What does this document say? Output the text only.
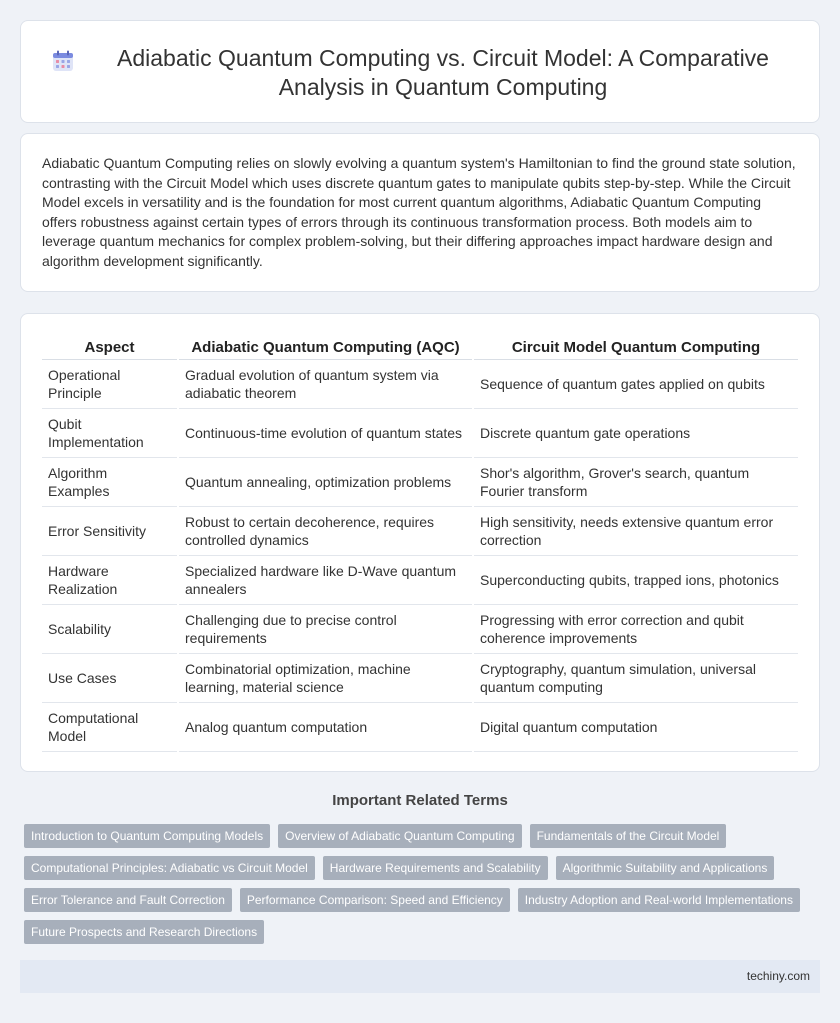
Adiabatic Quantum Computing vs. Circuit Model: A Comparative Analysis in Quantum Computing

Adiabatic Quantum Computing relies on slowly evolving a quantum system's Hamiltonian to find the ground state solution, contrasting with the Circuit Model which uses discrete quantum gates to manipulate qubits step-by-step. While the Circuit Model excels in versatility and is the foundation for most current quantum algorithms, Adiabatic Quantum Computing offers robustness against certain types of errors through its continuous transformation process. Both models aim to leverage quantum mechanics for complex problem-solving, but their differing approaches impact hardware design and algorithm development significantly.

Aspect	Adiabatic Quantum Computing (AQC)	Circuit Model Quantum Computing
Operational Principle	Gradual evolution of quantum system via adiabatic theorem	Sequence of quantum gates applied on qubits
Qubit Implementation	Continuous-time evolution of quantum states	Discrete quantum gate operations
Algorithm Examples	Quantum annealing, optimization problems	Shor's algorithm, Grover's search, quantum Fourier transform
Error Sensitivity	Robust to certain decoherence, requires controlled dynamics	High sensitivity, needs extensive quantum error correction
Hardware Realization	Specialized hardware like D-Wave quantum annealers	Superconducting qubits, trapped ions, photonics
Scalability	Challenging due to precise control requirements	Progressing with error correction and qubit coherence improvements
Use Cases	Combinatorial optimization, machine learning, material science	Cryptography, quantum simulation, universal quantum computing
Computational Model	Analog quantum computation	Digital quantum computation
Important Related Terms
Introduction to Quantum Computing Models	Overview of Adiabatic Quantum Computing	Fundamentals of the Circuit Model
Computational Principles: Adiabatic vs Circuit Model	Hardware Requirements and Scalability	Algorithmic Suitability and Applications
Error Tolerance and Fault Correction	Performance Comparison: Speed and Efficiency	Industry Adoption and Real-world Implementations
Future Prospects and Research Directions
techiny.com
